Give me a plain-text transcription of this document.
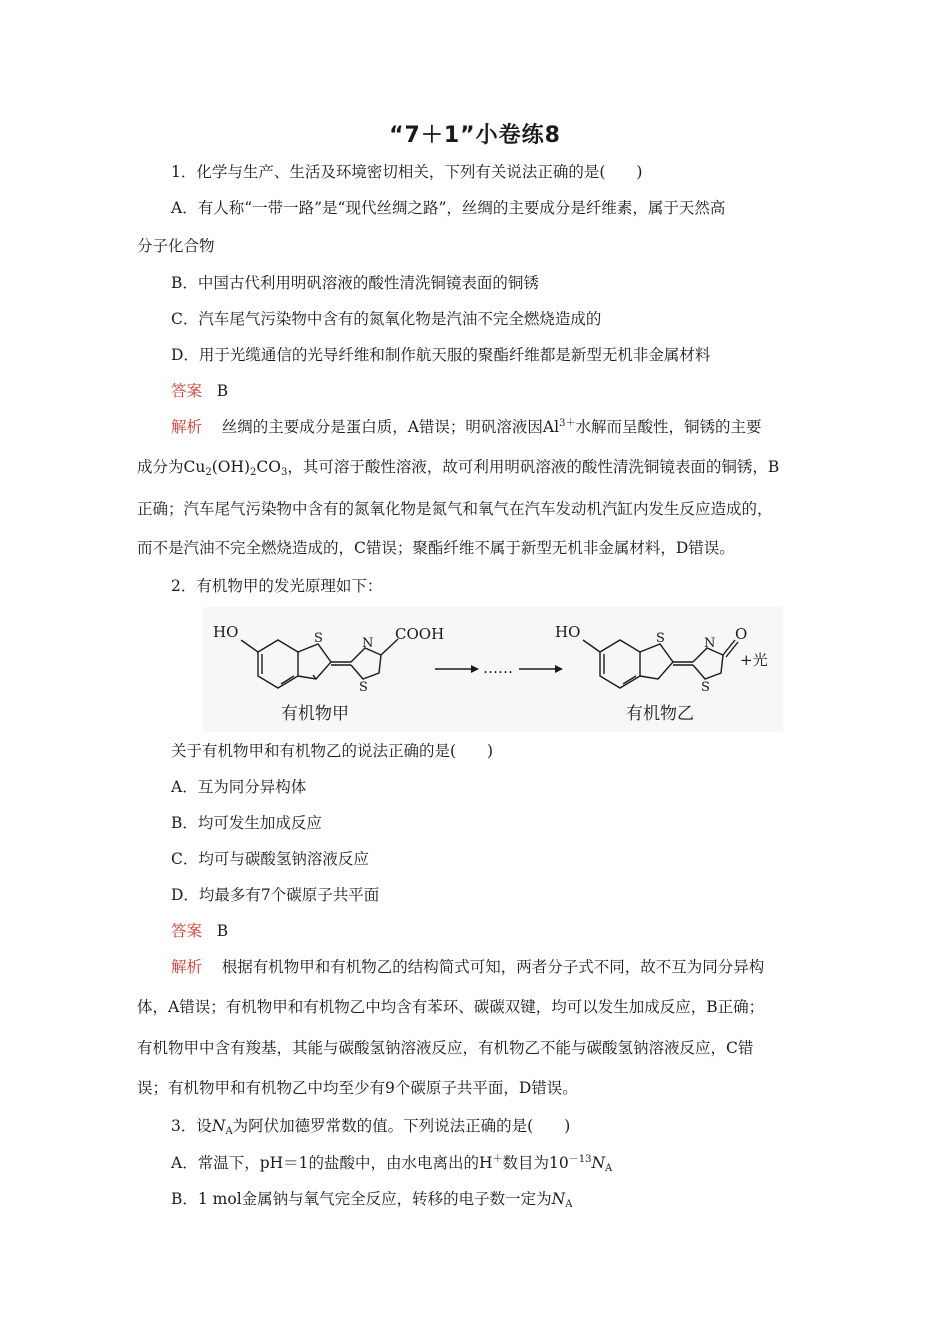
“7＋1”小卷练8
1．化学与生产、生活及环境密切相关，下列有关说法正确的是(　　)
A．有人称“一带一路”是“现代丝绸之路”，丝绸的主要成分是纤维素，属于天然高
分子化合物
B．中国古代利用明矾溶液的酸性清洗铜镜表面的铜锈
C．汽车尾气污染物中含有的氮氧化物是汽油不完全燃烧造成的
D．用于光缆通信的光导纤维和制作航天服的聚酯纤维都是新型无机非金属材料
答案 B
解析 丝绸的主要成分是蛋白质，A错误；明矾溶液因$Al^{3+}$水解而呈酸性，铜锈的主要
成分为$Cu_2(OH)_2CO_3$，其可溶于酸性溶液，故可利用明矾溶液的酸性清洗铜镜表面的铜锈，B
正确；汽车尾气污染物中含有的氮氧化物是氮气和氧气在汽车发动机汽缸内发生反应造成的，
而不是汽油不完全燃烧造成的，C错误；聚酯纤维不属于新型无机非金属材料，D错误。
2．有机物甲的发光原理如下：
HO	S	N
S
COOH
……
HO	S	N
S
O
+光
有机物甲	有机物乙
关于有机物甲和有机物乙的说法正确的是(　　)
A．互为同分异构体
B．均可发生加成反应
C．均可与碳酸氢钠溶液反应
D．均最多有7个碳原子共平面
答案 B
解析 根据有机物甲和有机物乙的结构简式可知，两者分子式不同，故不互为同分异构
体，A错误；有机物甲和有机物乙中均含有苯环、碳碳双键，均可以发生加成反应，B正确；
有机物甲中含有羧基，其能与碳酸氢钠溶液反应，有机物乙不能与碳酸氢钠溶液反应，C错
误；有机物甲和有机物乙中均至少有9个碳原子共平面，D错误。
3．设$N_A$为阿伏加德罗常数的值。下列说法正确的是(　　)
A．常温下，pH＝1的盐酸中，由水电离出的H＋数目为$10^{-13}N_A$
B．1 mol金属钠与氧气完全反应，转移的电子数一定为$N_A$
